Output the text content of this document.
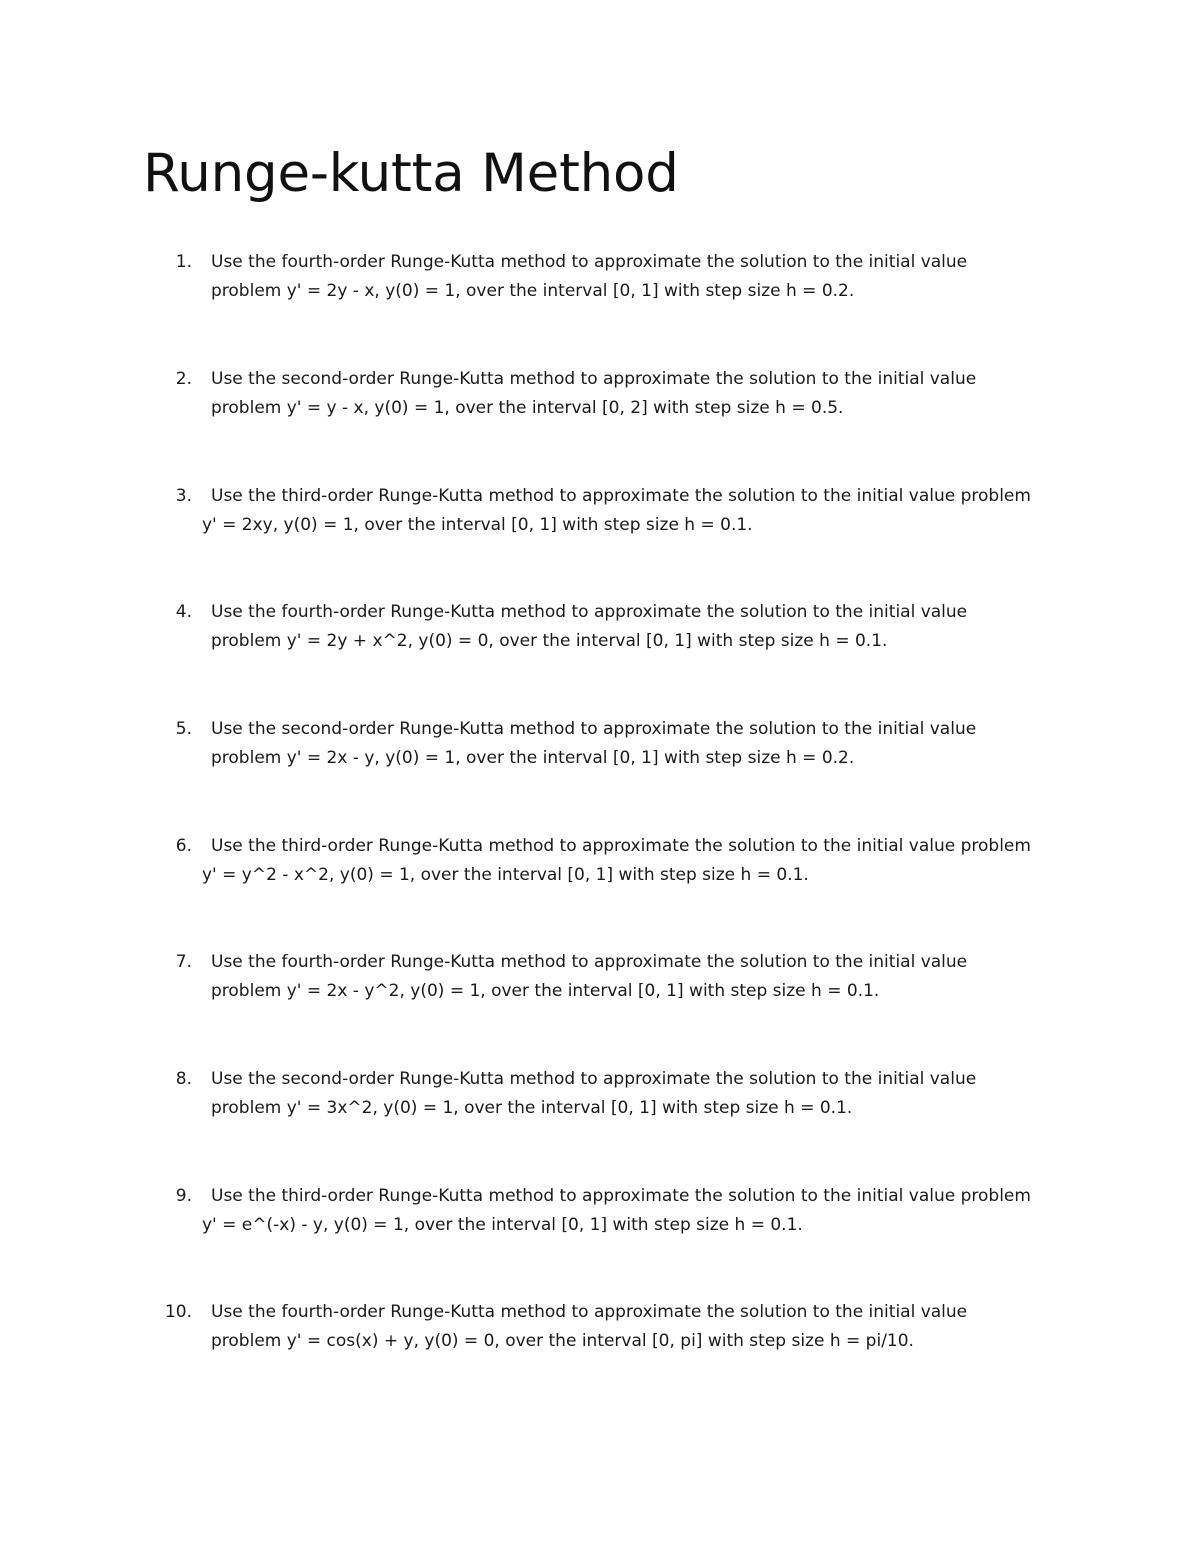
Runge-kutta Method
1. Use the fourth-order Runge-Kutta method to approximate the solution to the initial value
problem y' = 2y - x, y(0) = 1, over the interval [0, 1] with step size h = 0.2.
2. Use the second-order Runge-Kutta method to approximate the solution to the initial value
problem y' = y - x, y(0) = 1, over the interval [0, 2] with step size h = 0.5.
3. Use the third-order Runge-Kutta method to approximate the solution to the initial value problem
y' = 2xy, y(0) = 1, over the interval [0, 1] with step size h = 0.1.
4. Use the fourth-order Runge-Kutta method to approximate the solution to the initial value
problem y' = 2y + x^2, y(0) = 0, over the interval [0, 1] with step size h = 0.1.
5. Use the second-order Runge-Kutta method to approximate the solution to the initial value
problem y' = 2x - y, y(0) = 1, over the interval [0, 1] with step size h = 0.2.
6. Use the third-order Runge-Kutta method to approximate the solution to the initial value problem
y' = y^2 - x^2, y(0) = 1, over the interval [0, 1] with step size h = 0.1.
7. Use the fourth-order Runge-Kutta method to approximate the solution to the initial value
problem y' = 2x - y^2, y(0) = 1, over the interval [0, 1] with step size h = 0.1.
8. Use the second-order Runge-Kutta method to approximate the solution to the initial value
problem y' = 3x^2, y(0) = 1, over the interval [0, 1] with step size h = 0.1.
9. Use the third-order Runge-Kutta method to approximate the solution to the initial value problem
y' = e^(-x) - y, y(0) = 1, over the interval [0, 1] with step size h = 0.1.
10. Use the fourth-order Runge-Kutta method to approximate the solution to the initial value
problem y' = cos(x) + y, y(0) = 0, over the interval [0, pi] with step size h = pi/10.
